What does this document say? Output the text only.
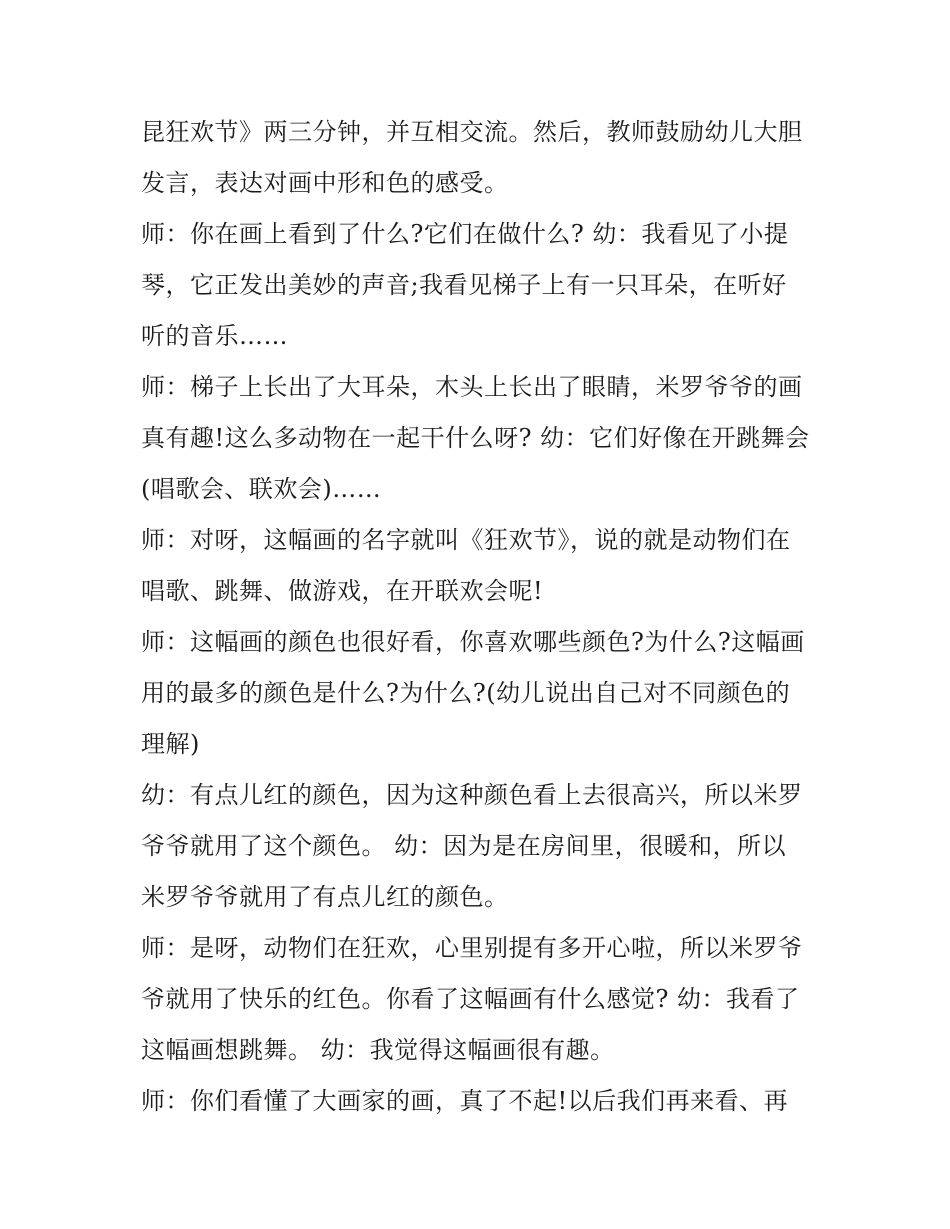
昆狂欢节》两三分钟，并互相交流。然后，教师鼓励幼儿大胆
发言，表达对画中形和色的感受。
师：你在画上看到了什么?它们在做什么? 幼：我看见了小提
琴，它正发出美妙的声音;我看见梯子上有一只耳朵，在听好
听的音乐……
师：梯子上长出了大耳朵，木头上长出了眼睛，米罗爷爷的画
真有趣!这么多动物在一起干什么呀? 幼：它们好像在开跳舞会
(唱歌会、联欢会)……
师：对呀，这幅画的名字就叫《狂欢节》，说的就是动物们在
唱歌、跳舞、做游戏，在开联欢会呢!
师：这幅画的颜色也很好看，你喜欢哪些颜色?为什么?这幅画
用的最多的颜色是什么?为什么?(幼儿说出自己对不同颜色的
理解)
幼：有点儿红的颜色，因为这种颜色看上去很高兴，所以米罗
爷爷就用了这个颜色。 幼：因为是在房间里，很暖和，所以
米罗爷爷就用了有点儿红的颜色。
师：是呀，动物们在狂欢，心里别提有多开心啦，所以米罗爷
爷就用了快乐的红色。你看了这幅画有什么感觉? 幼：我看了
这幅画想跳舞。 幼：我觉得这幅画很有趣。
师：你们看懂了大画家的画，真了不起!以后我们再来看、再
